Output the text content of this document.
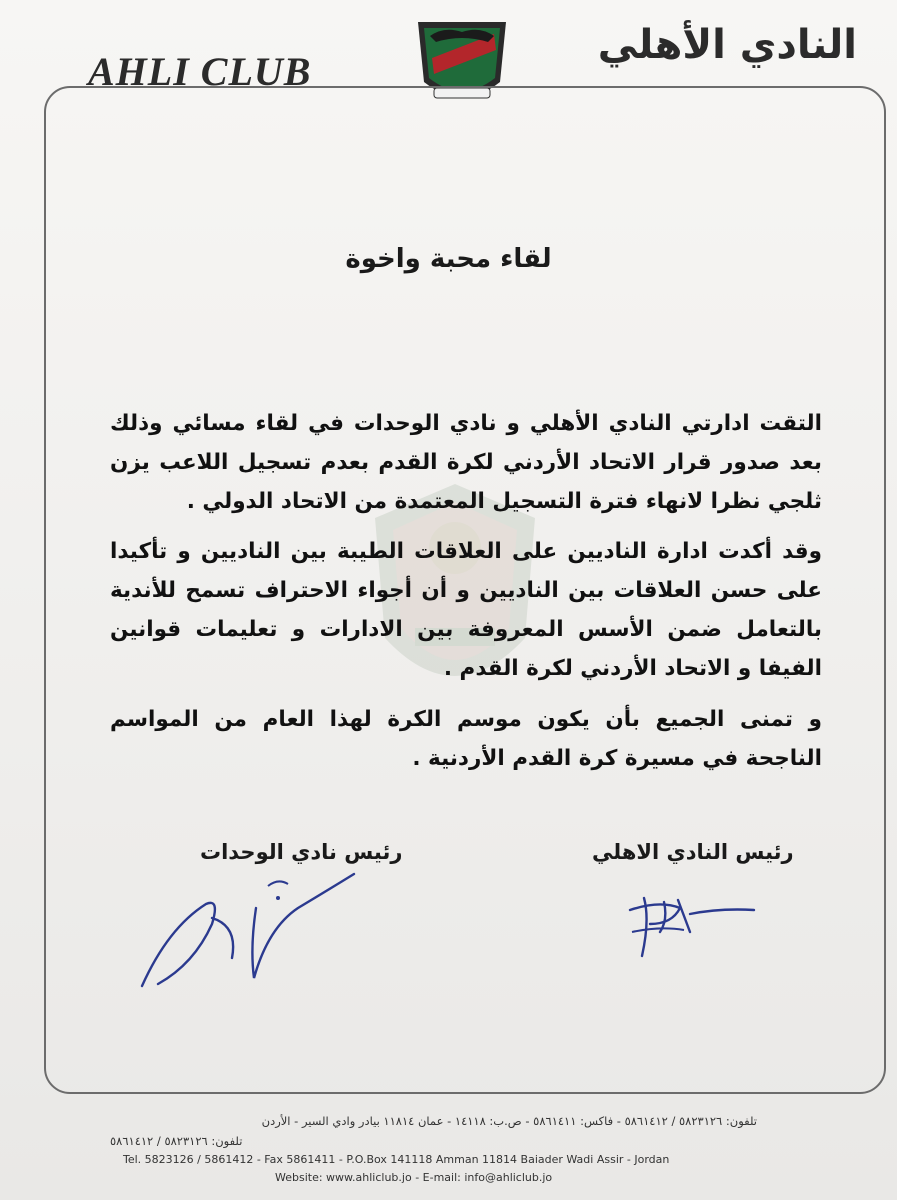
AHLI CLUB
النادي الأهلي
لقاء محبة واخوة
التقت ادارتي النادي الأهلي و نادي الوحدات في لقاء مسائي وذلك بعد صدور قرار الاتحاد الأردني لكرة القدم بعدم تسجيل اللاعب يزن ثلجي نظرا لانهاء فترة التسجيل المعتمدة من الاتحاد الدولي .
وقد أكدت ادارة الناديين على العلاقات الطيبة بين الناديين و تأكيدا على حسن العلاقات بين الناديين و أن أجواء الاحتراف تسمح للأندية بالتعامل ضمن الأسس المعروفة بين الادارات و تعليمات قوانين الفيفا و الاتحاد الأردني لكرة القدم .
و تمنى الجميع بأن يكون موسم الكرة لهذا العام من المواسم الناجحة في مسيرة كرة القدم الأردنية .
رئيس نادي الوحدات	رئيس النادي الاهلي
تلفون: ٥٨٢٣١٢٦ / ٥٨٦١٤١٢ - فاكس: ٥٨٦١٤١١ - ص.ب: ١٤١١٨ - عمان ١١٨١٤ بيادر وادي السير - الأردن
تلفون: ٥٨٢٣١٢٦ / ٥٨٦١٤١٢
Tel. 5823126 / 5861412 - Fax 5861411 - P.O.Box 141118 Amman 11814 Baiader Wadi Assir - Jordan
Website: www.ahliclub.jo - E-mail: info@ahliclub.jo
